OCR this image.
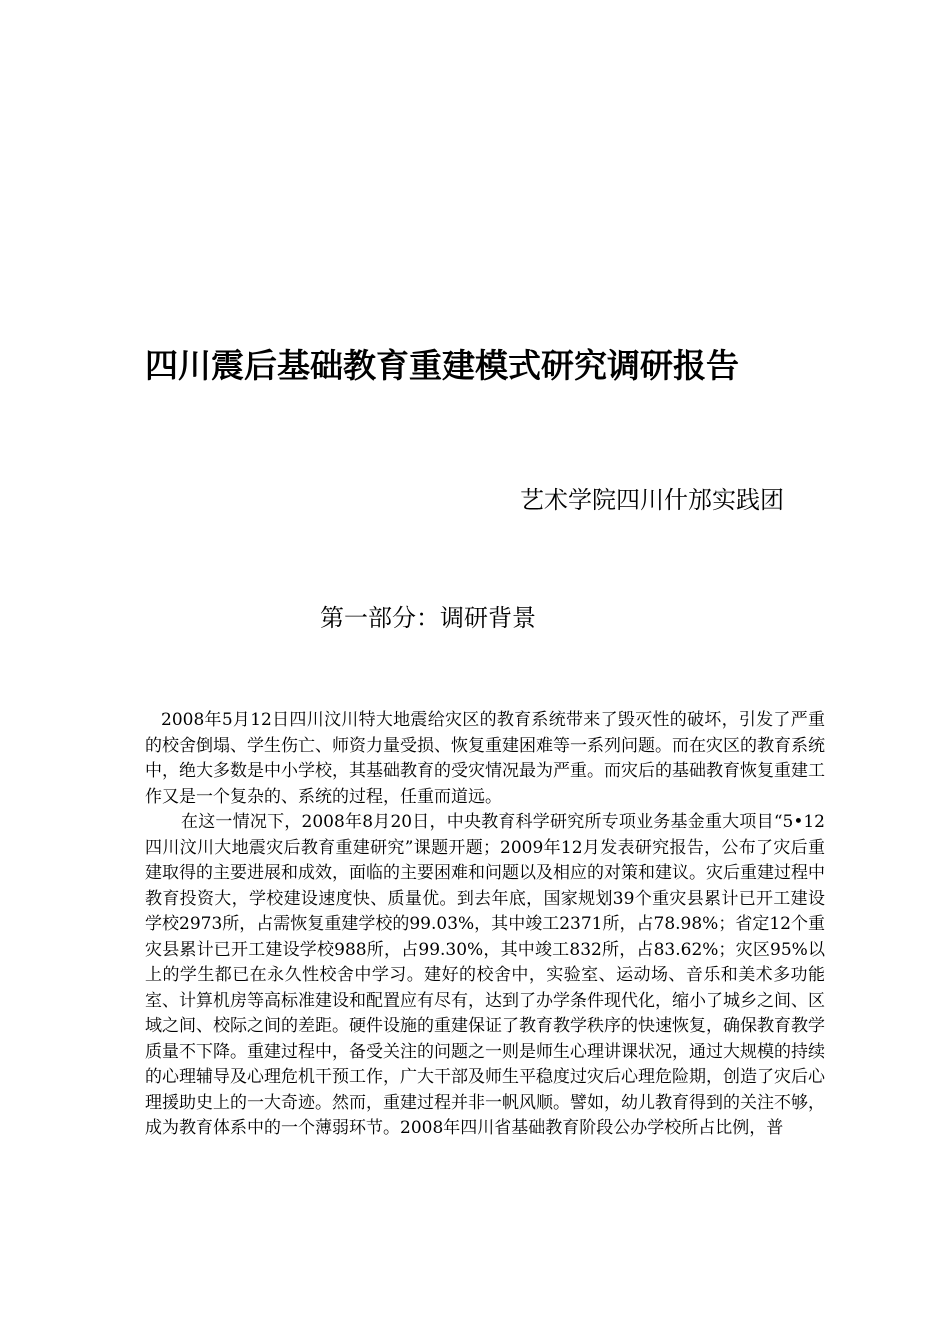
四川震后基础教育重建模式研究调研报告
艺术学院四川什邡实践团
第一部分：调研背景

2008年5月12日四川汶川特大地震给灾区的教育系统带来了毁灭性的破坏，引发了严重的校舍倒塌、学生伤亡、师资力量受损、恢复重建困难等一系列问题。而在灾区的教育系统中，绝大多数是中小学校，其基础教育的受灾情况最为严重。而灾后的基础教育恢复重建工作又是一个复杂的、系统的过程，任重而道远。

在这一情况下，2008年8月20日，中央教育科学研究所专项业务基金重大项目“5•12四川汶川大地震灾后教育重建研究”课题开题；2009年12月发表研究报告，公布了灾后重建取得的主要进展和成效，面临的主要困难和问题以及相应的对策和建议。灾后重建过程中教育投资大，学校建设速度快、质量优。到去年底，国家规划39个重灾县累计已开工建设学校2973所，占需恢复重建学校的99.03%，其中竣工2371所，占78.98%；省定12个重灾县累计已开工建设学校988所，占99.30%，其中竣工832所，占83.62%；灾区95%以上的学生都已在永久性校舍中学习。建好的校舍中，实验室、运动场、音乐和美术多功能室、计算机房等高标准建设和配置应有尽有，达到了办学条件现代化，缩小了城乡之间、区域之间、校际之间的差距。硬件设施的重建保证了教育教学秩序的快速恢复，确保教育教学质量不下降。重建过程中，备受关注的问题之一则是师生心理讲课状况，通过大规模的持续的心理辅导及心理危机干预工作，广大干部及师生平稳度过灾后心理危险期，创造了灾后心理援助史上的一大奇迹。然而，重建过程并非一帆风顺。譬如，幼儿教育得到的关注不够，成为教育体系中的一个薄弱环节。2008年四川省基础教育阶段公办学校所占比例，普
